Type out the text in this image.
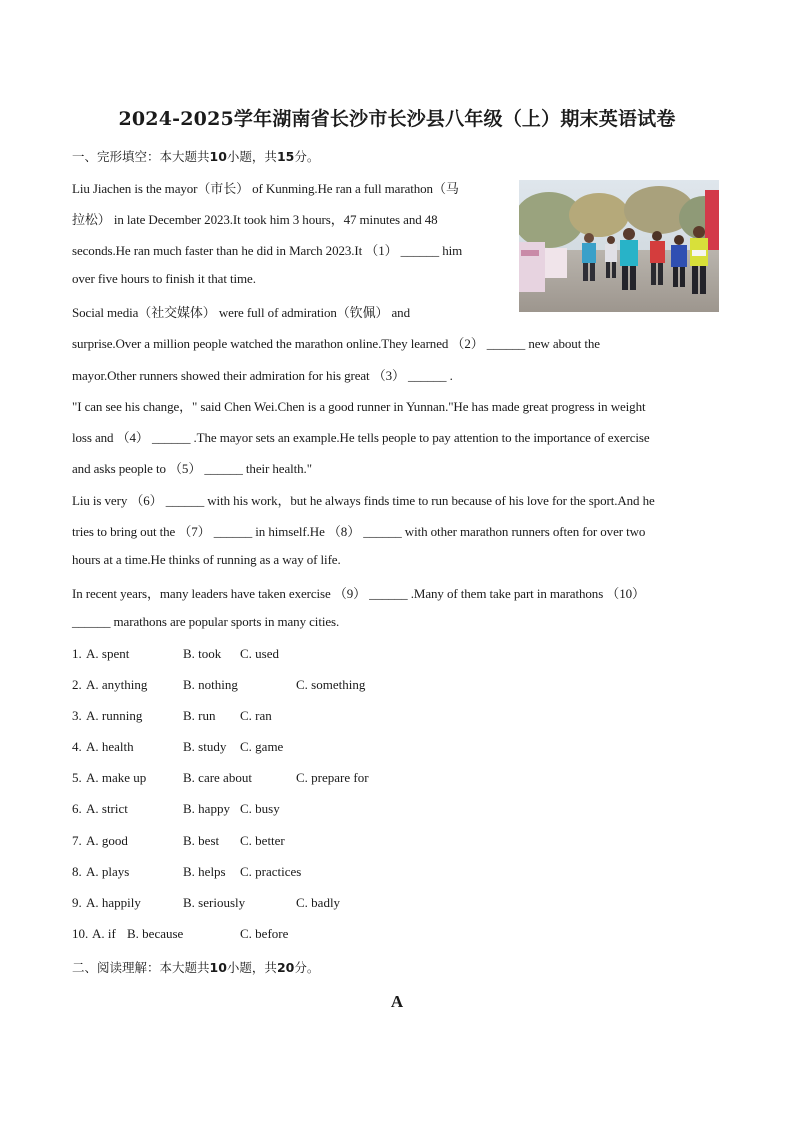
2024-2025学年湖南省长沙市长沙县八年级（上）期末英语试卷
一、完形填空：本大题共10小题，共15分。
Liu Jiachen is the mayor（市长） of Kunming.He ran a full marathon（马
拉松） in late December 2023.It took him 3 hours，47 minutes and 48
seconds.He ran much faster than he did in March 2023.It （1） ______ him
over five hours to finish it that time.
Social media（社交媒体） were full of admiration（钦佩） and
surprise.Over a million people watched the marathon online.They learned （2） ______ new about the
mayor.Other runners showed their admiration for his great （3） ______ .
"I can see his change，" said Chen Wei.Chen is a good runner in Yunnan."He has made great progress in weight
loss and （4） ______ .The mayor sets an example.He tells people to pay attention to the importance of exercise
and asks people to （5） ______ their health."
Liu is very （6） ______ with his work，but he always finds time to run because of his love for the sport.And he
tries to bring out the （7） ______ in himself.He （8） ______ with other marathon runners often for over two
hours at a time.He thinks of running as a way of life.
In recent years，many leaders have taken exercise （9） ______ .Many of them take part in marathons （10）
______ marathons are popular sports in many cities.
1. A. spent	B. took C. used
2. A. anything	B. nothing	C. something
3. A. running	B. run C. ran
4. A. health	B. study C. game
5. A. make up	B. care about	C. prepare for
6. A. strict	B. happy C. busy
7. A. good	B. best C. better
8. A. plays	B. helps C. practices
9. A. happily	B. seriously	C. badly
10. A. if B. because	C. before
二、阅读理解：本大题共10小题，共20分。
A
